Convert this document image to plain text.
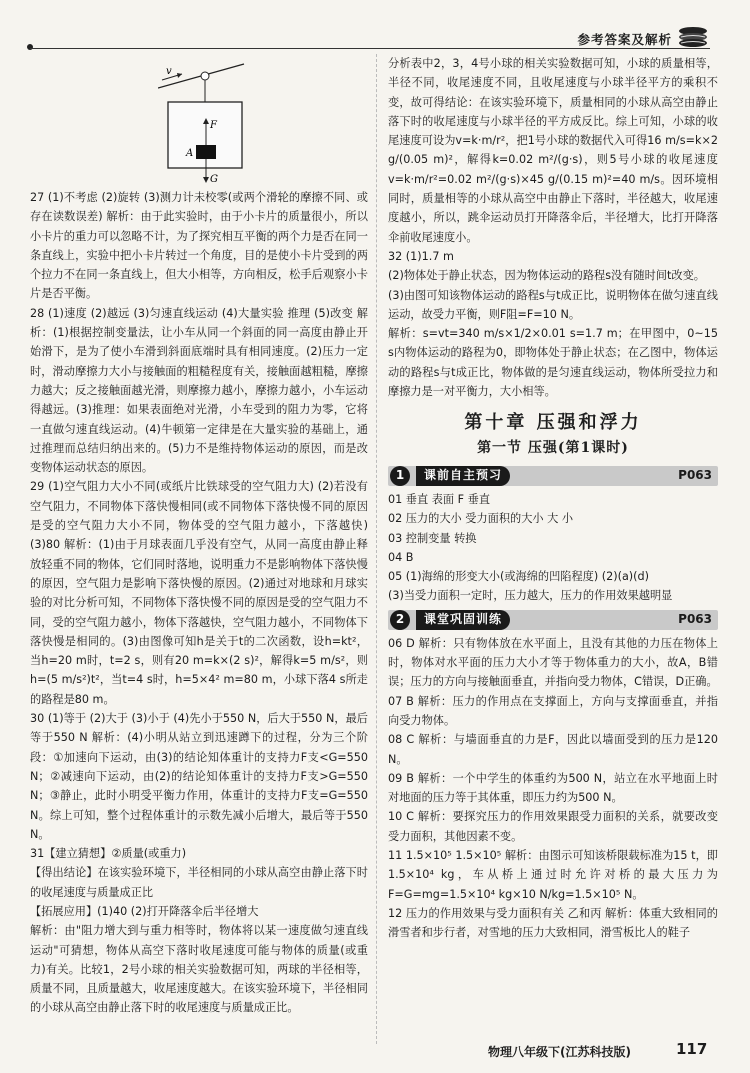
参考答案及解析
v
F
A
G

27 (1)不考虑 (2)旋转 (3)测力计未校零(或两个滑轮的摩擦不同、或存在读数误差) 解析：由于此实验时，由于小卡片的质量很小，所以小卡片的重力可以忽略不计，为了探究相互平衡的两个力是否在同一条直线上，实验中把小卡片转过一个角度，目的是使小卡片受到的两个拉力不在同一条直线上，但大小相等，方向相反，松手后观察小卡片是否平衡。

28 (1)速度 (2)越远 (3)匀速直线运动 (4)大量实验 推理 (5)改变 解析：(1)根据控制变量法，让小车从同一个斜面的同一高度由静止开始滑下，是为了使小车滑到斜面底端时具有相同速度。(2)压力一定时，滑动摩擦力大小与接触面的粗糙程度有关，接触面越粗糙，摩擦力越大；反之接触面越光滑，则摩擦力越小，摩擦力越小，小车运动得越远。(3)推理：如果表面绝对光滑，小车受到的阻力为零，它将一直做匀速直线运动。(4)牛顿第一定律是在大量实验的基础上，通过推理而总结归纳出来的。(5)力不是维持物体运动的原因，而是改变物体运动状态的原因。

29 (1)空气阻力大小不同(或纸片比铁球受的空气阻力大) (2)若没有空气阻力，不同物体下落快慢相同(或不同物体下落快慢不同的原因是受的空气阻力大小不同，物体受的空气阻力越小，下落越快) (3)80 解析：(1)由于月球表面几乎没有空气，从同一高度由静止释放轻重不同的物体，它们同时落地，说明重力不是影响物体下落快慢的原因，空气阻力是影响下落快慢的原因。(2)通过对地球和月球实验的对比分析可知，不同物体下落快慢不同的原因是受的空气阻力不同，受的空气阻力越小，物体下落越快，空气阻力越小，不同物体下落快慢是相同的。(3)由图像可知h是关于t的二次函数，设h=kt²，当h=20 m时，t=2 s，则有20 m=k×(2 s)²，解得k=5 m/s²，则h=(5 m/s²)t²，当t=4 s时，h=5×4² m=80 m，小球下落4 s所走的路程是80 m。

30 (1)等于 (2)大于 (3)小于 (4)先小于550 N，后大于550 N，最后等于550 N 解析：(4)小明从站立到迅速蹲下的过程，分为三个阶段：①加速向下运动，由(3)的结论知体重计的支持力F支<G=550 N；②减速向下运动，由(2)的结论知体重计的支持力F支>G=550 N；③静止，此时小明受平衡力作用，体重计的支持力F支=G=550 N。综上可知，整个过程体重计的示数先减小后增大，最后等于550 N。

31【建立猜想】②质量(或重力)

【得出结论】在该实验环境下，半径相同的小球从高空由静止落下时的收尾速度与质量成正比

【拓展应用】(1)40 (2)打开降落伞后半径增大

解析：由"阻力增大到与重力相等时，物体将以某一速度做匀速直线运动"可猜想，物体从高空下落时收尾速度可能与物体的质量(或重力)有关。比较1，2号小球的相关实验数据可知，两球的半径相等，质量不同，且质量越大，收尾速度越大。在该实验环境下，半径相同的小球从高空由静止落下时的收尾速度与质量成正比。

分析表中2，3，4号小球的相关实验数据可知，小球的质量相等，半径不同，收尾速度不同，且收尾速度与小球半径平方的乘积不变，故可得结论：在该实验环境下，质量相同的小球从高空由静止落下时的收尾速度与小球半径的平方成反比。综上可知，小球的收尾速度可设为v=k·m/r²，把1号小球的数据代入可得16 m/s=k×2 g/(0.05 m)²，解得k=0.02 m²/(g·s)，则5号小球的收尾速度v=k·m/r²=0.02 m²/(g·s)×45 g/(0.15 m)²=40 m/s。因环境相同时，质量相等的小球从高空中由静止下落时，半径越大，收尾速度越小，所以，跳伞运动员打开降落伞后，半径增大，比打开降落伞前收尾速度小。

32 (1)1.7 m

(2)物体处于静止状态，因为物体运动的路程s没有随时间t改变。

(3)由图可知该物体运动的路程s与t成正比，说明物体在做匀速直线运动，故受力平衡，则F阻=F=10 N。

解析：s=vt=340 m/s×1/2×0.01 s=1.7 m；在甲图中，0~15 s内物体运动的路程为0，即物体处于静止状态；在乙图中，物体运动的路程s与t成正比，物体做的是匀速直线运动，物体所受拉力和摩擦力是一对平衡力，大小相等。

第十章 压强和浮力
第一节 压强(第1课时)
1	课前自主预习	P063

01 垂直 表面 F 垂直

02 压力的大小 受力面积的大小 大 小

03 控制变量 转换

04 B

05 (1)海绵的形变大小(或海绵的凹陷程度) (2)(a)(d)

(3)当受力面积一定时，压力越大，压力的作用效果越明显

2	课堂巩固训练	P063

06 D 解析：只有物体放在水平面上，且没有其他的力压在物体上时，物体对水平面的压力大小才等于物体重力的大小，故A，B错误；压力的方向与接触面垂直，并指向受力物体，C错误，D正确。

07 B 解析：压力的作用点在支撑面上，方向与支撑面垂直，并指向受力物体。

08 C 解析：与墙面垂直的力是F，因此以墙面受到的压力是120 N。

09 B 解析：一个中学生的体重约为500 N，站立在水平地面上时对地面的压力等于其体重，即压力约为500 N。

10 C 解析：要探究压力的作用效果跟受力面积的关系，就要改变受力面积，其他因素不变。

11 1.5×10⁵ 1.5×10⁵ 解析：由图示可知该桥限载标准为15 t，即1.5×10⁴ kg，车从桥上通过时允许对桥的最大压力为F=G=mg=1.5×10⁴ kg×10 N/kg=1.5×10⁵ N。

12 压力的作用效果与受力面积有关 乙和丙 解析：体重大致相同的滑雪者和步行者，对雪地的压力大致相同，滑雪板比人的鞋子

物理八年级下(江苏科技版)	117
